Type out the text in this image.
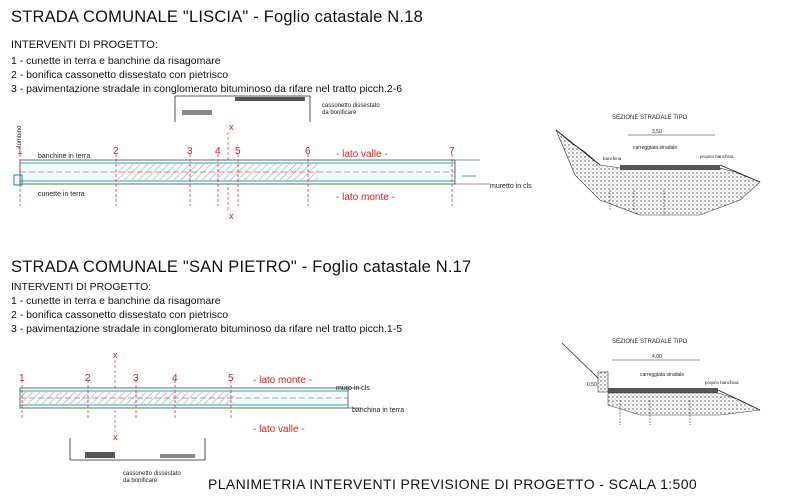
STRADA COMUNALE "LISCIA" - Foglio catastale N.18
INTERVENTI DI PROGETTO:
1 - cunette in terra e banchine da risagomare
2 - bonifica cassonetto dissestato con pietrisco
3 - pavimentazione stradale in conglomerato bituminoso da rifare nel tratto picch.2-6
STRADA COMUNALE "SAN PIETRO" - Foglio catastale N.17
INTERVENTI DI PROGETTO:
1 - cunette in terra e banchine da risagomare
2 - bonifica cassonetto dissestato con pietrisco
3 - pavimentazione stradale in conglomerato bituminoso da rifare nel tratto picch.1-5
PLANIMETRIA INTERVENTI PREVISIONE DI PROGETTO - SCALA 1:500
cassonetto dissestato da bonificare
tombino	x
x
1	2	3 4 5	6	7
banchine in terra
cunette in terra
- lato valle -
- lato monte -
muretto in cls
SEZIONE STRADALE TIPO
3,50
carreggiata stradale
banchina	proprio banchina
x
x
1	2	3	4	5 - lato monte -
- lato valle -
muro in cls
banchina in terra
cassonetto dissestato da bonificare
SEZIONE STRADALE TIPO
4,00
carreggiata stradale
proprio banchina
0,50
